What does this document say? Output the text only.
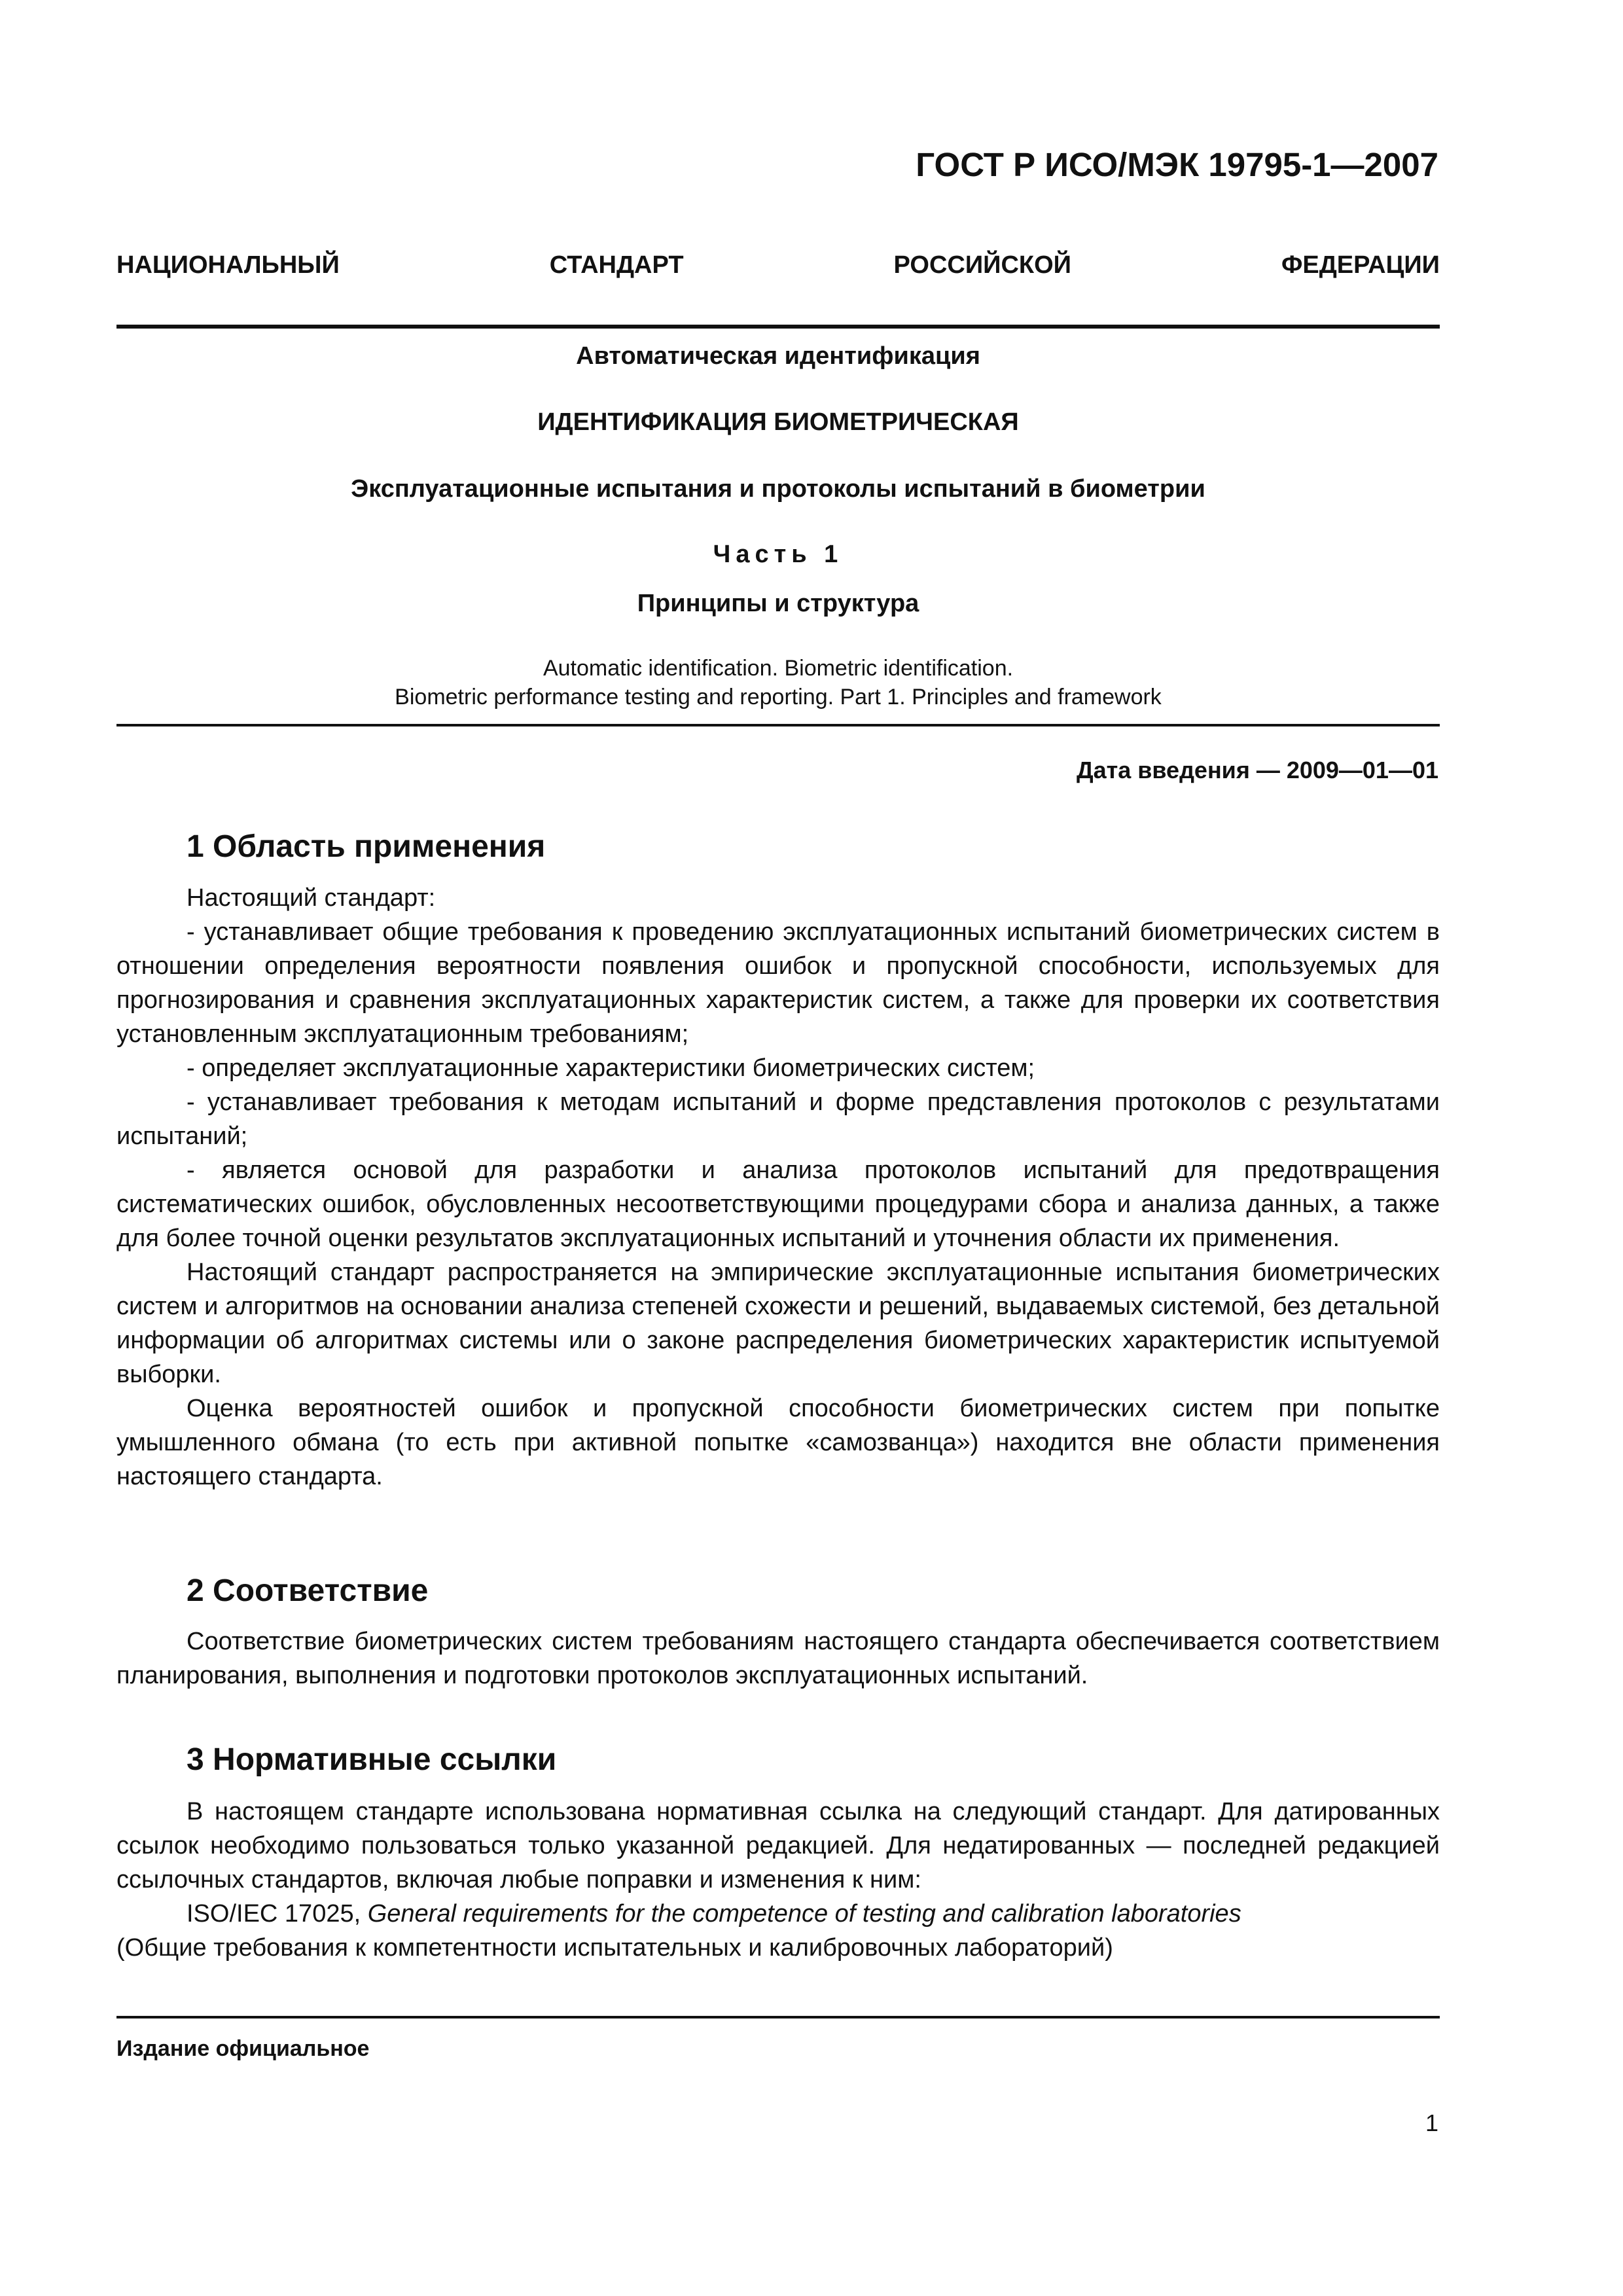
ГОСТ Р ИСО/МЭК 19795-1—2007
НАЦИОНАЛЬНЫЙ	СТАНДАРТ	РОССИЙСКОЙ	ФЕДЕРАЦИИ
Автоматическая идентификация
ИДЕНТИФИКАЦИЯ БИОМЕТРИЧЕСКАЯ
Эксплуатационные испытания и протоколы испытаний в биометрии
Часть 1
Принципы и структура
Automatic identification. Biometric identification.
Biometric performance testing and reporting. Part 1. Principles and framework
Дата введения — 2009—01—01
1 Область применения

Настоящий стандарт:

- устанавливает общие требования к проведению эксплуатационных испытаний биометрических систем в отношении определения вероятности появления ошибок и пропускной способности, используемых для прогнозирования и сравнения эксплуатационных характеристик систем, а также для проверки их соответствия установленным эксплуатационным требованиям;

- определяет эксплуатационные характеристики биометрических систем;

- устанавливает требования к методам испытаний и форме представления протоколов с результатами испытаний;

- является основой для разработки и анализа протоколов испытаний для предотвращения систематических ошибок, обусловленных несоответствующими процедурами сбора и анализа данных, а также для более точной оценки результатов эксплуатационных испытаний и уточнения области их применения.

Настоящий стандарт распространяется на эмпирические эксплуатационные испытания биометрических систем и алгоритмов на основании анализа степеней схожести и решений, выдаваемых системой, без детальной информации об алгоритмах системы или о законе распределения биометрических характеристик испытуемой выборки.

Оценка вероятностей ошибок и пропускной способности биометрических систем при попытке умышленного обмана (то есть при активной попытке «самозванца») находится вне области применения настоящего стандарта.

2 Соответствие

Соответствие биометрических систем требованиям настоящего стандарта обеспечивается соответствием планирования, выполнения и подготовки протоколов эксплуатационных испытаний.

3 Нормативные ссылки

В настоящем стандарте использована нормативная ссылка на следующий стандарт. Для датированных ссылок необходимо пользоваться только указанной редакцией. Для недатированных — последней редакцией ссылочных стандартов, включая любые поправки и изменения к ним:

ISO/IEC 17025, General requirements for the competence of testing and calibration laboratories

(Общие требования к компетентности испытательных и калибровочных лабораторий)
Издание официальное
1
